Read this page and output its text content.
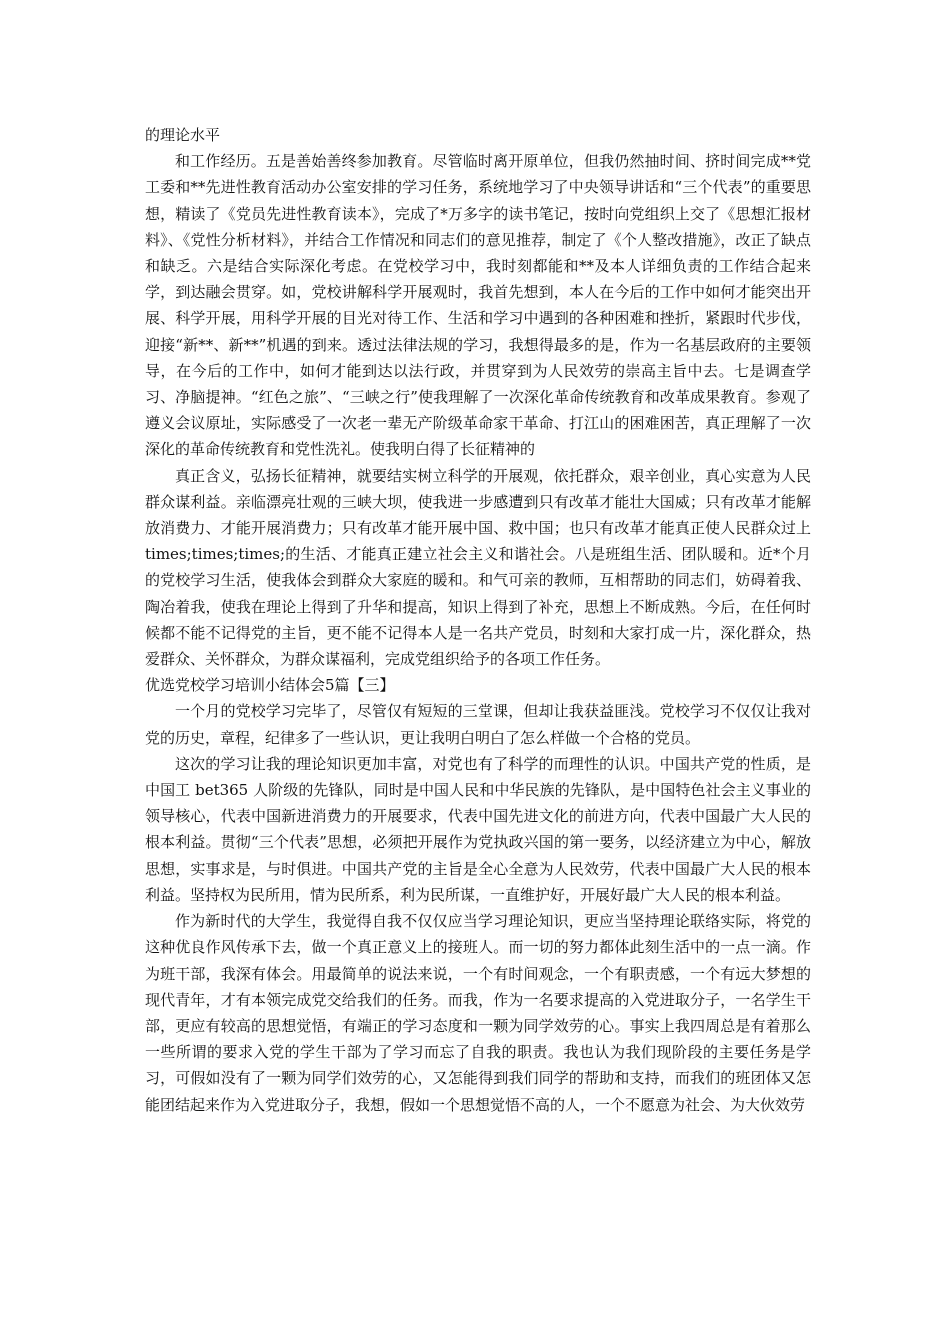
的理论水平

和工作经历。五是善始善终参加教育。尽管临时离开原单位，但我仍然抽时间、挤时间完成**党工委和**先进性教育活动办公室安排的学习任务，系统地学习了中央领导讲话和“三个代表”的重要思想，精读了《党员先进性教育读本》，完成了*万多字的读书笔记，按时向党组织上交了《思想汇报材料》、《党性分析材料》，并结合工作情况和同志们的意见推荐，制定了《个人整改措施》，改正了缺点和缺乏。六是结合实际深化考虑。在党校学习中，我时刻都能和**及本人详细负责的工作结合起来学，到达融会贯穿。如，党校讲解科学开展观时，我首先想到，本人在今后的工作中如何才能突出开展、科学开展，用科学开展的目光对待工作、生活和学习中遇到的各种困难和挫折，紧跟时代步伐，迎接“新**、新**”机遇的到来。透过法律法规的学习，我想得最多的是，作为一名基层政府的主要领导，在今后的工作中，如何才能到达以法行政，并贯穿到为人民效劳的崇高主旨中去。七是调查学习、净脑提神。“红色之旅”、“三峡之行”使我理解了一次深化革命传统教育和改革成果教育。参观了遵义会议原址，实际感受了一次老一辈无产阶级革命家干革命、打江山的困难困苦，真正理解了一次深化的革命传统教育和党性洗礼。使我明白得了长征精神的

真正含义，弘扬长征精神，就要结实树立科学的开展观，依托群众，艰辛创业，真心实意为人民群众谋利益。亲临漂亮壮观的三峡大坝，使我进一步感遭到只有改革才能壮大国威；只有改革才能解放消费力、才能开展消费力；只有改革才能开展中国、救中国；也只有改革才能真正使人民群众过上times;times;times;的生活、才能真正建立社会主义和谐社会。八是班组生活、团队暖和。近*个月的党校学习生活，使我体会到群众大家庭的暖和。和气可亲的教师，互相帮助的同志们，妨碍着我、陶冶着我，使我在理论上得到了升华和提高，知识上得到了补充，思想上不断成熟。今后，在任何时候都不能不记得党的主旨，更不能不记得本人是一名共产党员，时刻和大家打成一片，深化群众，热爱群众、关怀群众，为群众谋福利，完成党组织给予的各项工作任务。

优选党校学习培训小结体会5篇【三】

一个月的党校学习完毕了，尽管仅有短短的三堂课，但却让我获益匪浅。党校学习不仅仅让我对党的历史，章程，纪律多了一些认识，更让我明白明白了怎么样做一个合格的党员。

这次的学习让我的理论知识更加丰富，对党也有了科学的而理性的认识。中国共产党的性质，是中国工 bet365 人阶级的先锋队，同时是中国人民和中华民族的先锋队，是中国特色社会主义事业的领导核心，代表中国新进消费力的开展要求，代表中国先进文化的前进方向，代表中国最广大人民的根本利益。贯彻“三个代表”思想，必须把开展作为党执政兴国的第一要务，以经济建立为中心，解放思想，实事求是，与时俱进。中国共产党的主旨是全心全意为人民效劳，代表中国最广大人民的根本利益。坚持权为民所用，情为民所系，利为民所谋，一直维护好，开展好最广大人民的根本利益。

作为新时代的大学生，我觉得自我不仅仅应当学习理论知识，更应当坚持理论联络实际，将党的这种优良作风传承下去，做一个真正意义上的接班人。而一切的努力都体此刻生活中的一点一滴。作为班干部，我深有体会。用最简单的说法来说，一个有时间观念，一个有职责感，一个有远大梦想的现代青年，才有本领完成党交给我们的任务。而我，作为一名要求提高的入党进取分子，一名学生干部，更应有较高的思想觉悟，有端正的学习态度和一颗为同学效劳的心。事实上我四周总是有着那么一些所谓的要求入党的学生干部为了学习而忘了自我的职责。我也认为我们现阶段的主要任务是学习，可假如没有了一颗为同学们效劳的心，又怎能得到我们同学的帮助和支持，而我们的班团体又怎能团结起来作为入党进取分子，我想，假如一个思想觉悟不高的人，一个不愿意为社会、为大伙效劳
